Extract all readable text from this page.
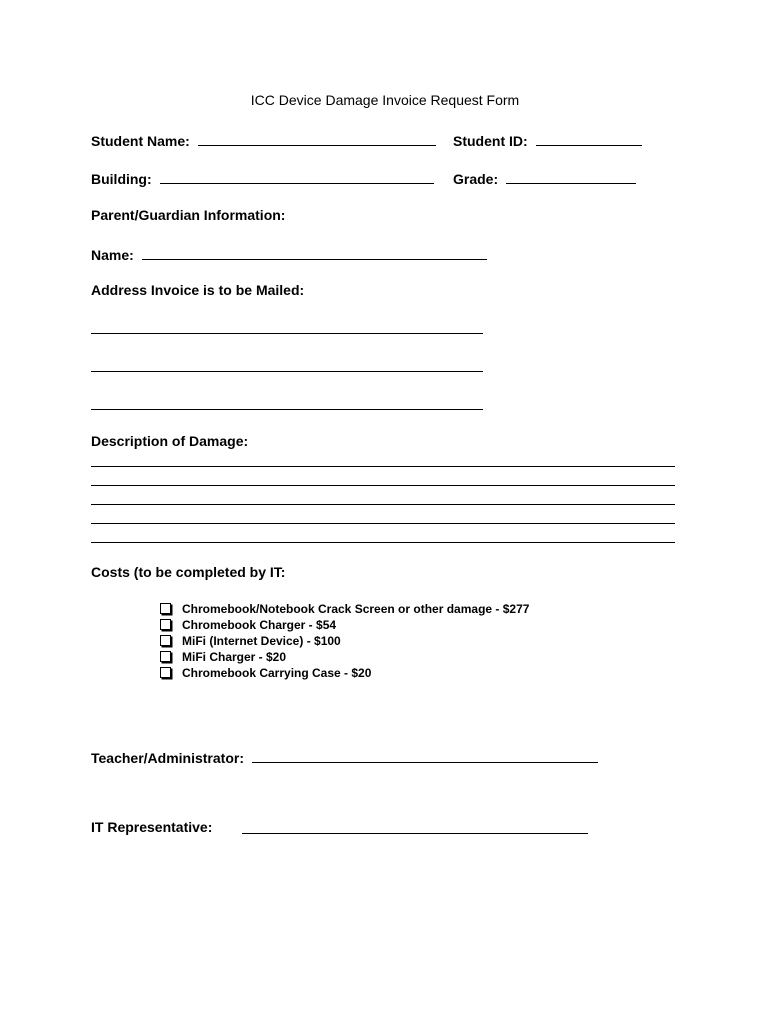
ICC Device Damage Invoice Request Form
Student Name:	Student ID:
Building:	Grade:
Parent/Guardian Information:
Name:
Address Invoice is to be Mailed:
Description of Damage:
Costs (to be completed by IT:
Chromebook/Notebook Crack Screen or other damage - $277
Chromebook Charger - $54
MiFi (Internet Device) - $100
MiFi Charger - $20
Chromebook Carrying Case - $20
Teacher/Administrator:
IT Representative:
